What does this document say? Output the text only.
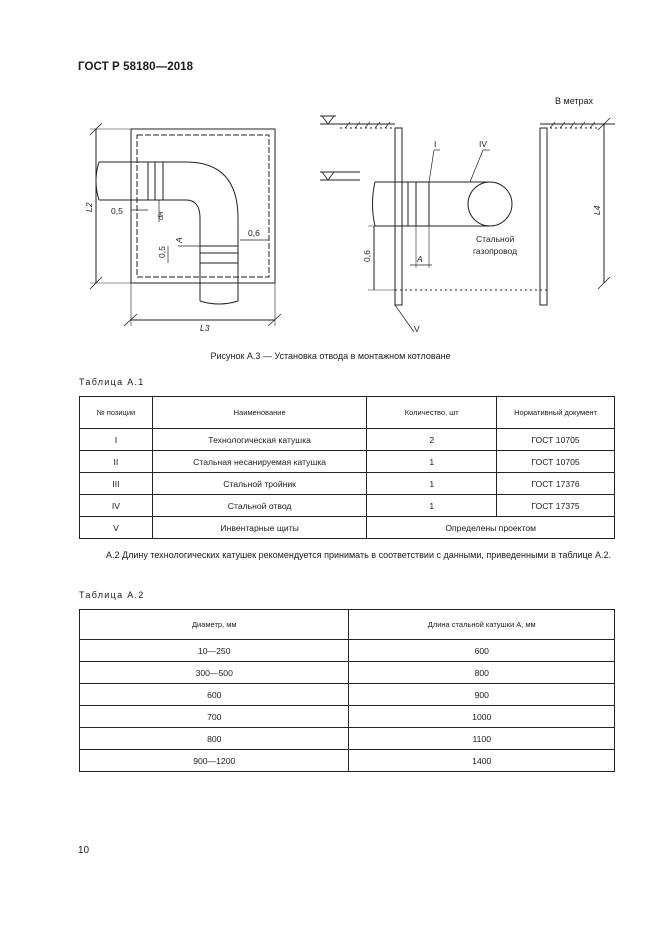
ГОСТ Р 58180—2018
В метрах
L2
L3
L4
0,5	dн
0,5
A
0,6
0,6	A
I	IV
V
Стальной
газопровод
Рисунок А.3 — Установка отвода в монтажном котловане
Таблица А.1
№ позиции	Наименование	Количество, шт	Нормативный документ
I	Технологическая катушка	2	ГОСТ 10705
II	Стальная несанируемая катушка	1	ГОСТ 10705
III	Стальной тройник	1	ГОСТ 17376
IV	Стальной отвод	1	ГОСТ 17375
V	Инвентарные щиты	Определены проектом	
А.2 Длину технологических катушек рекомендуется принимать в соответствии с данными, приведенными в таблице А.2.
Таблица А.2
Диаметр, мм	Длина стальной катушки A, мм
10—250	600
300—500	800
600	900
700	1000
800	1100
900—1200	1400
10
